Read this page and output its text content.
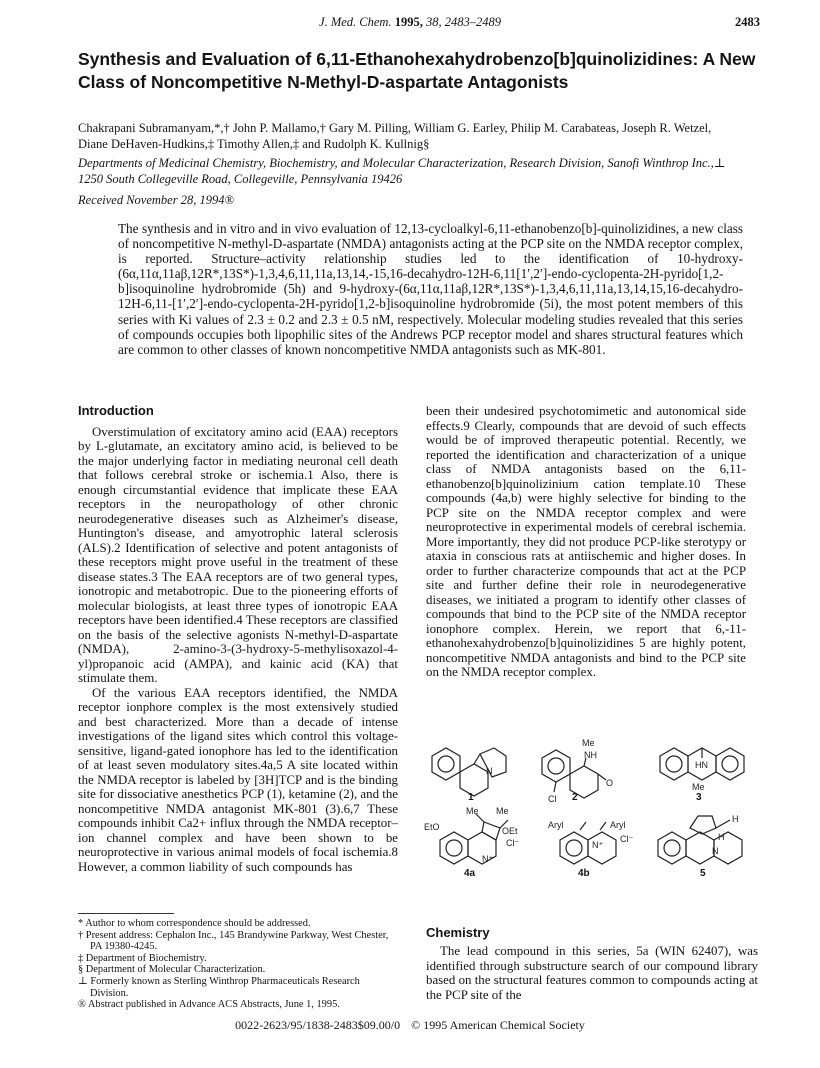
J. Med. Chem. 1995, 38, 2483–2489	2483
Synthesis and Evaluation of 6,11-Ethanohexahydrobenzo[b]quinolizidines: A New Class of Noncompetitive N-Methyl-D-aspartate Antagonists

Chakrapani Subramanyam,*,† John P. Mallamo,† Gary M. Pilling, William G. Earley, Philip M. Carabateas, Joseph R. Wetzel, Diane DeHaven-Hudkins,‡ Timothy Allen,‡ and Rudolph K. Kullnig§

Departments of Medicinal Chemistry, Biochemistry, and Molecular Characterization, Research Division, Sanofi Winthrop Inc.,⊥ 1250 South Collegeville Road, Collegeville, Pennsylvania 19426

Received November 28, 1994®

The synthesis and in vitro and in vivo evaluation of 12,13-cycloalkyl-6,11-ethanobenzo[b]-quinolizidines, a new class of noncompetitive N-methyl-D-aspartate (NMDA) antagonists acting at the PCP site on the NMDA receptor complex, is reported. Structure–activity relationship studies led to the identification of 10-hydroxy-(6α,11α,11aβ,12R*,13S*)-1,3,4,6,11,11a,13,14,-15,16-decahydro-12H-6,11[1′,2′]-endo-cyclopenta-2H-pyrido[1,2-b]isoquinoline hydrobromide (5h) and 9-hydroxy-(6α,11α,11aβ,12R*,13S*)-1,3,4,6,11,11a,13,14,15,16-decahydro-12H-6,11-[1′,2′]-endo-cyclopenta-2H-pyrido[1,2-b]isoquinoline hydrobromide (5i), the most potent members of this series with Ki values of 2.3 ± 0.2 and 2.3 ± 0.5 nM, respectively. Molecular modeling studies revealed that this series of compounds occupies both lipophilic sites of the Andrews PCP receptor model and shares structural features which are common to other classes of known noncompetitive NMDA antagonists such as MK-801.

Introduction

Overstimulation of excitatory amino acid (EAA) receptors by L-glutamate, an excitatory amino acid, is believed to be the major underlying factor in mediating neuronal cell death that follows cerebral stroke or ischemia.1 Also, there is enough circumstantial evidence that implicate these EAA receptors in the neuropathology of other chronic neurodegenerative diseases such as Alzheimer's disease, Huntington's disease, and amyotrophic lateral sclerosis (ALS).2 Identification of selective and potent antagonists of these receptors might prove useful in the treatment of these disease states.3 The EAA receptors are of two general types, ionotropic and metabotropic. Due to the pioneering efforts of molecular biologists, at least three types of ionotropic EAA receptors have been identified.4 These receptors are classified on the basis of the selective agonists N-methyl-D-aspartate (NMDA), 2-amino-3-(3-hydroxy-5-methylisoxazol-4-yl)propanoic acid (AMPA), and kainic acid (KA) that stimulate them.

Of the various EAA receptors identified, the NMDA receptor ionphore complex is the most extensively studied and best characterized. More than a decade of intense investigations of the ligand sites which control this voltage-sensitive, ligand-gated ionophore has led to the identification of at least seven modulatory sites.4a,5 A site located within the NMDA receptor is labeled by [3H]TCP and is the binding site for dissociative anesthetics PCP (1), ketamine (2), and the noncompetitive NMDA antagonist MK-801 (3).6,7 These compounds inhibit Ca2+ influx through the NMDA receptor–ion channel complex and have been shown to be neuroprotective in various animal models of focal ischemia.8 However, a common liability of such compounds has

been their undesired psychotomimetic and autonomical side effects.9 Clearly, compounds that are devoid of such effects would be of improved therapeutic potential. Recently, we reported the identification and characterization of a unique class of NMDA antagonists based on the 6,11-ethanobenzo[b]quinolizinium cation template.10 These compounds (4a,b) were highly selective for binding to the PCP site on the NMDA receptor complex and were neuroprotective in experimental models of cerebral ischemia. More importantly, they did not produce PCP-like sterotypy or ataxia in conscious rats at antiischemic and higher doses. In order to further characterize compounds that act at the PCP site and further define their role in neurodegenerative diseases, we initiated a program to identify other classes of compounds that bind to the PCP site of the NMDA receptor ionophore complex. Herein, we report that 6,-11-ethanohexahydrobenzo[b]quinolizidines 5 are highly potent, noncompetitive NMDA antagonists and bind to the PCP site on the NMDA receptor complex.

N
Me
NH
O
Cl
HN
Me
Me Me
EtO	OEt
Cl⁻
N⁺
Aryl	Aryl
Cl⁻
N⁺
H
H
N
1	2	3
4a	4b	5

* Author to whom correspondence should be addressed.

† Present address: Cephalon Inc., 145 Brandywine Parkway, West Chester, PA 19380-4245.

‡ Department of Biochemistry.

§ Department of Molecular Characterization.

⊥ Formerly known as Sterling Winthrop Pharmaceuticals Research Division.

® Abstract published in Advance ACS Abstracts, June 1, 1995.

Chemistry

The lead compound in this series, 5a (WIN 62407), was identified through substructure search of our compound library based on the structural features common to compounds acting at the PCP site of the

0022-2623/95/1838-2483$09.00/0 © 1995 American Chemical Society
